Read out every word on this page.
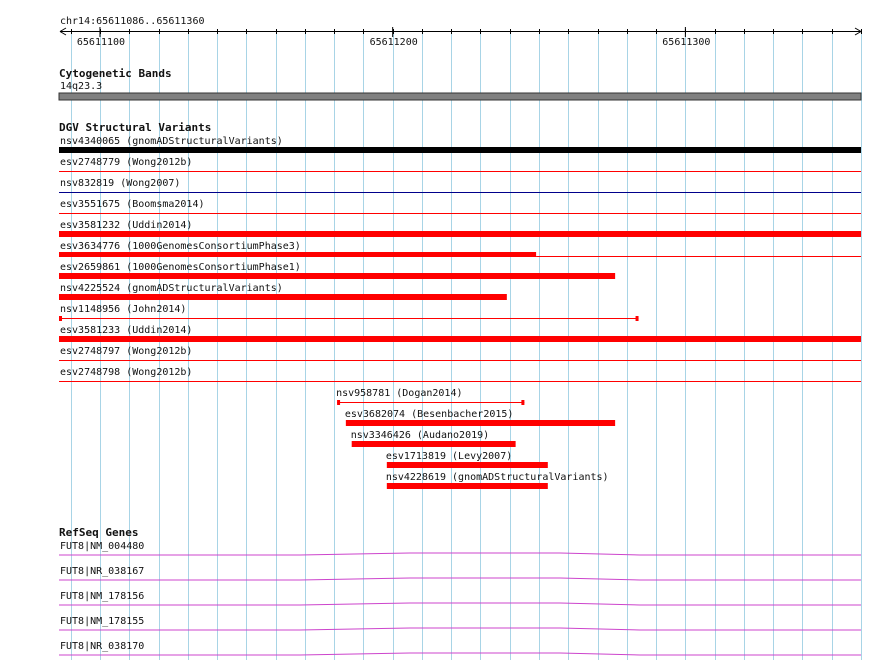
chr14:65611086..65611360
65611100	65611200	65611300
Cytogenetic Bands
14q23.3
DGV Structural Variants
nsv4340065 (gnomADStructuralVariants)
esv2748779 (Wong2012b)
nsv832819 (Wong2007)
esv3551675 (Boomsma2014)
esv3581232 (Uddin2014)
esv3634776 (1000GenomesConsortiumPhase3)
esv2659861 (1000GenomesConsortiumPhase1)
nsv4225524 (gnomADStructuralVariants)
nsv1148956 (John2014)
esv3581233 (Uddin2014)
esv2748797 (Wong2012b)
esv2748798 (Wong2012b)
nsv958781 (Dogan2014)
esv3682074 (Besenbacher2015)
nsv3346426 (Audano2019)
esv1713819 (Levy2007)
nsv4228619 (gnomADStructuralVariants)
RefSeq Genes
FUT8|NM_004480
FUT8|NR_038167
FUT8|NM_178156
FUT8|NM_178155
FUT8|NR_038170
